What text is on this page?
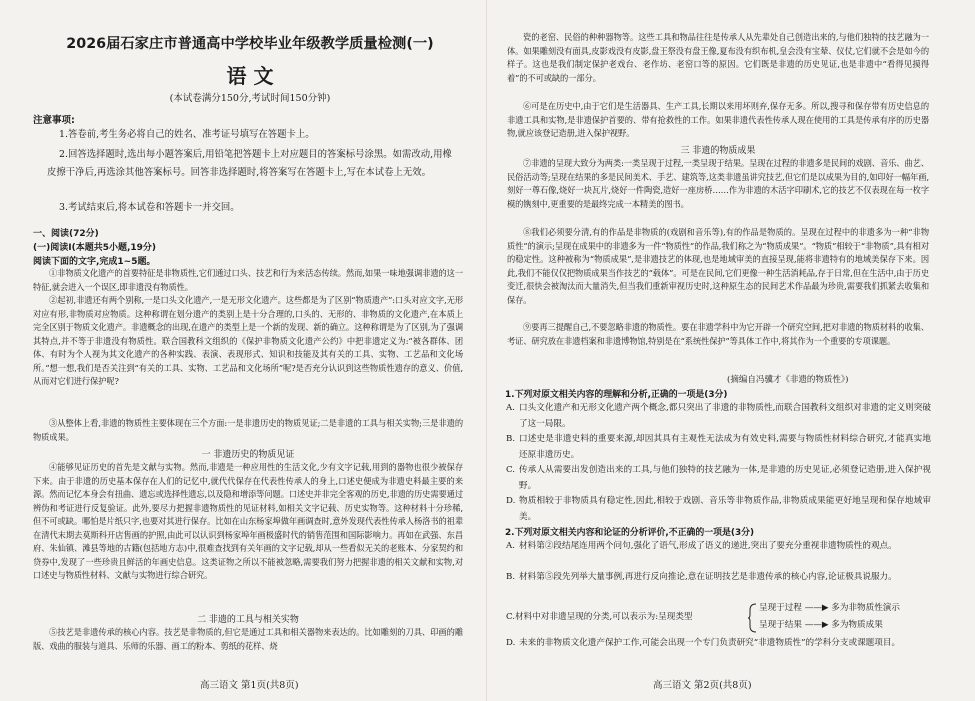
2026届石家庄市普通高中学校毕业年级教学质量检测(一)
语 文
(本试卷满分150分,考试时间150分钟)
注意事项:
1.答卷前,考生务必将自己的姓名、准考证号填写在答题卡上。
2.回答选择题时,选出每小题答案后,用铅笔把答题卡上对应题目的答案标号涂黑。如需改动,用橡皮擦干净后,再选涂其他答案标号。回答非选择题时,将答案写在答题卡上,写在本试卷上无效。
3.考试结束后,将本试卷和答题卡一并交回。
一、阅读(72分)
(一)阅读Ⅰ(本题共5小题,19分)
阅读下面的文字,完成1~5题。
①非物质文化遗产的首要特征是非物质性,它们通过口头、技艺和行为来活态传续。然而,如果一味地强调非遗的这一特征,就会进入一个误区,即非遗没有物质性。
②起初,非遗还有两个别称,一是口头文化遗产,一是无形文化遗产。这些都是为了区别“物质遗产”:口头对应文字,无形对应有形,非物质对应物质。这种称谓在划分遗产的类别上是十分合理的,口头的、无形的、非物质的文化遗产,在本质上完全区别于物质文化遗产。非遗概念的出现,在遗产的类型上是一个新的发现、新的确立。这种称谓是为了区别,为了强调其特点,并不等于非遗没有物质性。联合国教科文组织的《保护非物质文化遗产公约》中把非遗定义为:“被各群体、团体、有时为个人视为其文化遗产的各种实践、表演、表现形式、知识和技能及其有关的工具、实物、工艺品和文化场所。”想一想,我们是否关注到“有关的工具、实物、工艺品和文化场所”呢?是否充分认识到这些物质性遗存的意义、价值,从而对它们进行保护呢?
③从整体上看,非遗的物质性主要体现在三个方面:一是非遗历史的物质见证;二是非遗的工具与相关实物;三是非遗的物质成果。
一 非遗历史的物质见证
④能够见证历史的首先是文献与实物。然而,非遗是一种应用性的生活文化,少有文字记载,用到的器物也很少被保存下来。由于非遗的历史基本保存在人们的记忆中,就代代保存在代表性传承人的身上,口述史便成为非遗史料最主要的来源。然而记忆本身会有扭曲、遗忘或选择性遗忘,以及隐和增添等问题。口述史并非完全客观的历史,非遗的历史需要通过辨伪和考证进行反复验证。此外,要尽力把握非遗物质性的见证材料,如相关文字记载、历史实物等。这种材料十分珍稀,但不可或缺。哪怕是片纸只字,也要对其进行保存。比如在山东杨家埠做年画调查时,意外发现代表性传承人杨洛书的祖辈在清代末期去莫斯科开店售画的护照,由此可以认识到杨家埠年画极盛时代的销售范围和国际影响力。再如在武强、东昌府、朱仙镇、滩县等地的古籍(包括地方志)中,很难查找到有关年画的文字记载,却从一些看似无关的老账本、分家契约和贷券中,发现了一些珍贵且鲜活的年画史信息。这类证物之所以不能被忽略,需要我们努力把握非遗的相关文献和实物,对口述史与物质性材料、文献与实物进行综合研究。
二 非遗的工具与相关实物
⑤技艺是非遗传承的核心内容。技艺是非物质的,但它是通过工具和相关器物来表达的。比如雕刻的刀具、印画的雕版、戏曲的服装与道具、乐师的乐器、画工的粉本、剪纸的花样、烧
高三语文 第1页(共8页)
瓷的老窑、民俗的种种器物等。这些工具和物品往往是传承人从先辈处自己创造出来的,与他们独特的技艺融为一体。如果雕刻没有面具,皮影戏没有皮影,盘王祭没有盘王像,夏布没有织布机,皇会没有宝辇、仪仗,它们就不会是如今的样子。这也是我们制定保护老戏台、老作坊、老窑口等的原因。它们既是非遗的历史见证,也是非遗中“看得见摸得着”的不可或缺的一部分。
⑥可是在历史中,由于它们是生活器具、生产工具,长期以来用坏则弃,保存无多。所以,搜寻和保存带有历史信息的非遗工具和实物,是非遗保护首要的、带有抢救性的工作。如果非遗代表性传承人现在使用的工具是传承有序的历史器物,就应该登记造册,进入保护视野。
三 非遗的物质成果
⑦非遗的呈现大致分为两类:一类呈现于过程,一类呈现于结果。呈现在过程的非遗多是民间的戏剧、音乐、曲艺、民俗活动等;呈现在结果的多是民间美术、手艺、建筑等,这类非遗虽讲究技艺,但它们是以成果为目的,如印好一幅年画,刻好一尊石像,烧好一块瓦片,烧好一件陶瓷,造好一座房桥……作为非遗的木活字印刷术,它的技艺不仅表现在每一枚字模的镌刻中,更重要的是最终完成一本精美的图书。
⑧我们必须要分清,有的作品是非物质的(戏剧和音乐等),有的作品是物质的。呈现在过程中的非遗多为一种“非物质性”的演示;呈现在成果中的非遗多为一件“物质性”的作品,我们称之为“物质成果”。“物质”相较于“非物质”,具有相对的稳定性。这种被称为“物质成果”,是非遗技艺的体现,也是地域审美的直接呈现,能将非遗特有的地域美保存下来。因此,我们不能仅仅把物质成果当作技艺的“载体”。可是在民间,它们更像一种生活消耗品,存于日常,但在生活中,由于历史变迁,很快会被淘汰而大量消失,但当我们重新审视历史时,这种原生态的民间艺术作品最为珍贵,需要我们抓紧去收集和保存。
⑨要再三提醒自己,不要忽略非遗的物质性。要在非遗学科中为它开辟一个研究空间,把对非遗的物质材料的收集、考证、研究放在非遗档案和非遗博物馆,特别是在“系统性保护”等具体工作中,将其作为一个重要的专项课题。
(摘编自冯骥才《非遗的物质性》)
1.下列对原文相关内容的理解和分析,正确的一项是(3分)
A. 口头文化遗产和无形文化遗产两个概念,都只突出了非遗的非物质性,而联合国教科文组织对非遗的定义则突破了这一局限。
B. 口述史是非遗史料的重要来源,却因其具有主观性无法成为有效史料,需要与物质性材料综合研究,才能真实地还原非遗历史。
C. 传承人从需要出发创造出来的工具,与他们独特的技艺融为一体,是非遗的历史见证,必须登记造册,进入保护视野。
D. 物质相较于非物质具有稳定性,因此,相较于戏剧、音乐等非物质作品,非物质成果能更好地呈现和保存地域审美。
2.下列对原文相关内容和论证的分析评价,不正确的一项是(3分)
A. 材料第②段结尾连用两个问句,强化了语气,形成了语义的递进,突出了要充分重视非遗物质性的观点。
B. 材料第⑤段先列举大量事例,再进行反向推论,意在证明技艺是非遗传承的核心内容,论证极具说服力。
C.材料中对非遗呈现的分类,可以表示为:呈现类型
呈现于过程 ——▶ 多为非物质性演示
呈现于结果 ——▶ 多为物质成果
D. 未来的非物质文化遗产保护工作,可能会出现一个专门负责研究“非遗物质性”的学科分支或课题项目。
高三语文 第2页(共8页)
